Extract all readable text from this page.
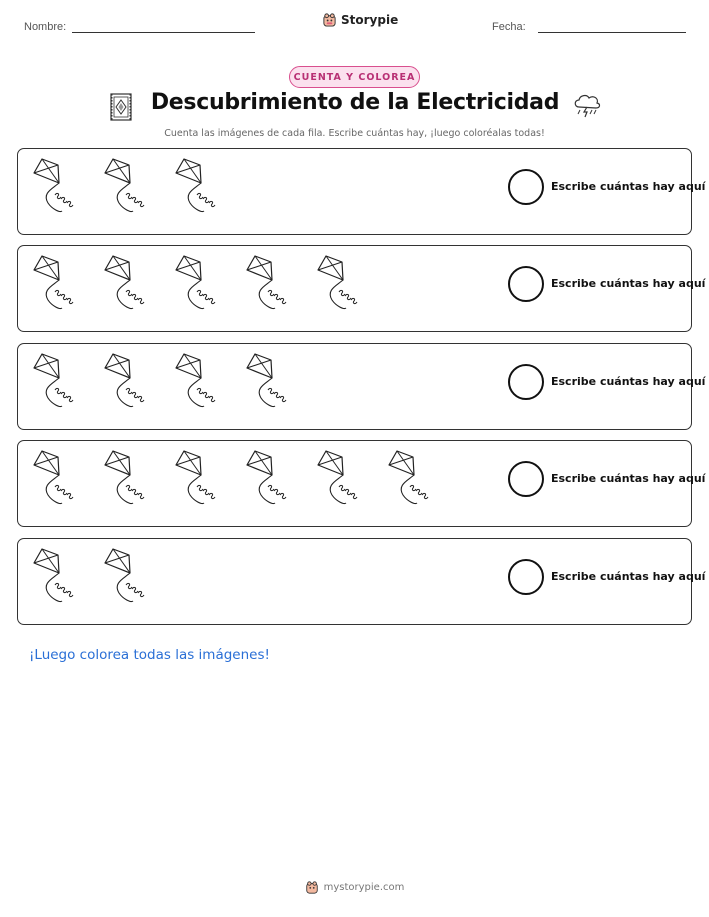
Nombre:
Storypie
Fecha:
CUENTA Y COLOREA
Descubrimiento de la Electricidad
Cuenta las imágenes de cada fila. Escribe cuántas hay, ¡luego coloréalas todas!
Escribe cuántas hay aquí
Escribe cuántas hay aquí
Escribe cuántas hay aquí
Escribe cuántas hay aquí
Escribe cuántas hay aquí
¡Luego colorea todas las imágenes!
mystorypie.com
